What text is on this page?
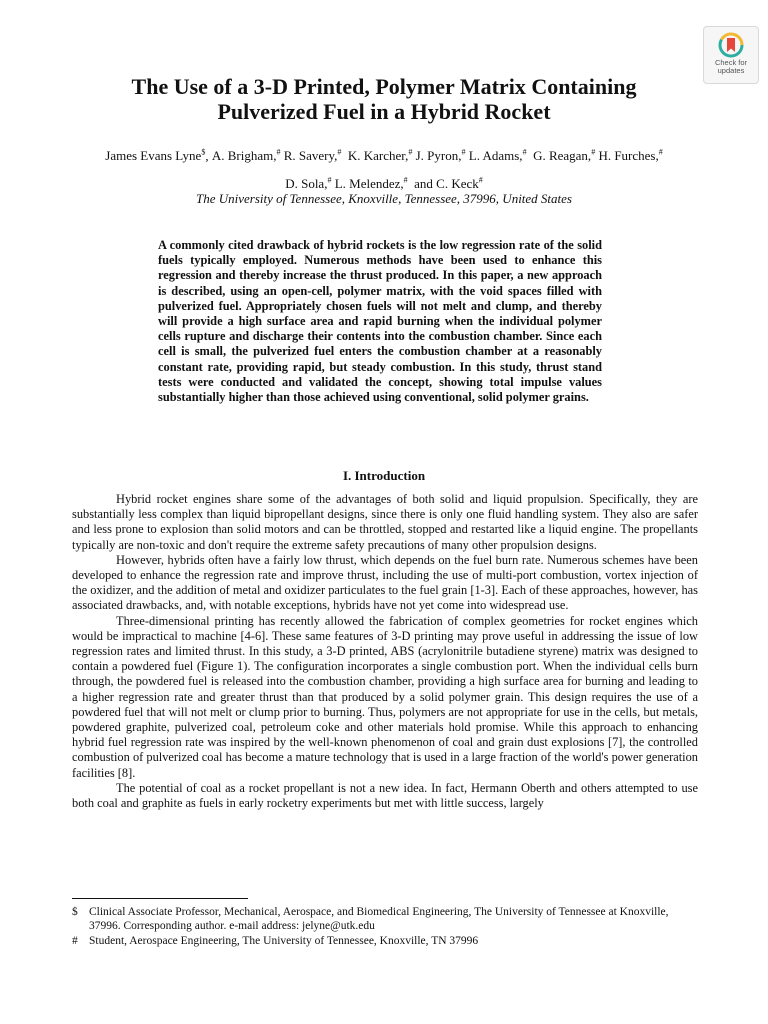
Check for
updates
The Use of a 3-D Printed, Polymer Matrix Containing
Pulverized Fuel in a Hybrid Rocket
James Evans Lyne$, A. Brigham,# R. Savery,# K. Karcher,# J. Pyron,# L. Adams,# G. Reagan,# H. Furches,#
D. Sola,# L. Melendez,# and C. Keck#
The University of Tennessee, Knoxville, Tennessee, 37996, United States

A commonly cited drawback of hybrid rockets is the low regression rate of the solid fuels typically employed. Numerous methods have been used to enhance this regression and thereby increase the thrust produced. In this paper, a new approach is described, using an open-cell, polymer matrix, with the void spaces filled with pulverized fuel. Appropriately chosen fuels will not melt and clump, and thereby will provide a high surface area and rapid burning when the individual polymer cells rupture and discharge their contents into the combustion chamber. Since each cell is small, the pulverized fuel enters the combustion chamber at a reasonably constant rate, providing rapid, but steady combustion. In this study, thrust stand tests were conducted and validated the concept, showing total impulse values substantially higher than those achieved using conventional, solid polymer grains.

I. Introduction

Hybrid rocket engines share some of the advantages of both solid and liquid propulsion. Specifically, they are substantially less complex than liquid bipropellant designs, since there is only one fluid handling system. They also are safer and less prone to explosion than solid motors and can be throttled, stopped and restarted like a liquid engine. The propellants typically are non-toxic and don't require the extreme safety precautions of many other propulsion designs.

However, hybrids often have a fairly low thrust, which depends on the fuel burn rate. Numerous schemes have been developed to enhance the regression rate and improve thrust, including the use of multi-port combustion, vortex injection of the oxidizer, and the addition of metal and oxidizer particulates to the fuel grain [1-3]. Each of these approaches, however, has associated drawbacks, and, with notable exceptions, hybrids have not yet come into widespread use.

Three-dimensional printing has recently allowed the fabrication of complex geometries for rocket engines which would be impractical to machine [4-6]. These same features of 3-D printing may prove useful in addressing the issue of low regression rates and limited thrust. In this study, a 3-D printed, ABS (acrylonitrile butadiene styrene) matrix was designed to contain a powdered fuel (Figure 1). The configuration incorporates a single combustion port. When the individual cells burn through, the powdered fuel is released into the combustion chamber, providing a high surface area for burning and leading to a higher regression rate and greater thrust than that produced by a solid polymer grain. This design requires the use of a powdered fuel that will not melt or clump prior to burning. Thus, polymers are not appropriate for use in the cells, but metals, powdered graphite, pulverized coal, petroleum coke and other materials hold promise. While this approach to enhancing hybrid fuel regression rate was inspired by the well-known phenomenon of coal and grain dust explosions [7], the controlled combustion of pulverized coal has become a mature technology that is used in a large fraction of the world's power generation facilities [8].

The potential of coal as a rocket propellant is not a new idea. In fact, Hermann Oberth and others attempted to use both coal and graphite as fuels in early rocketry experiments but met with little success, largely

$ Clinical Associate Professor, Mechanical, Aerospace, and Biomedical Engineering, The University of Tennessee at Knoxville, 37996. Corresponding author. e-mail address: jelyne@utk.edu
# Student, Aerospace Engineering, The University of Tennessee, Knoxville, TN 37996
